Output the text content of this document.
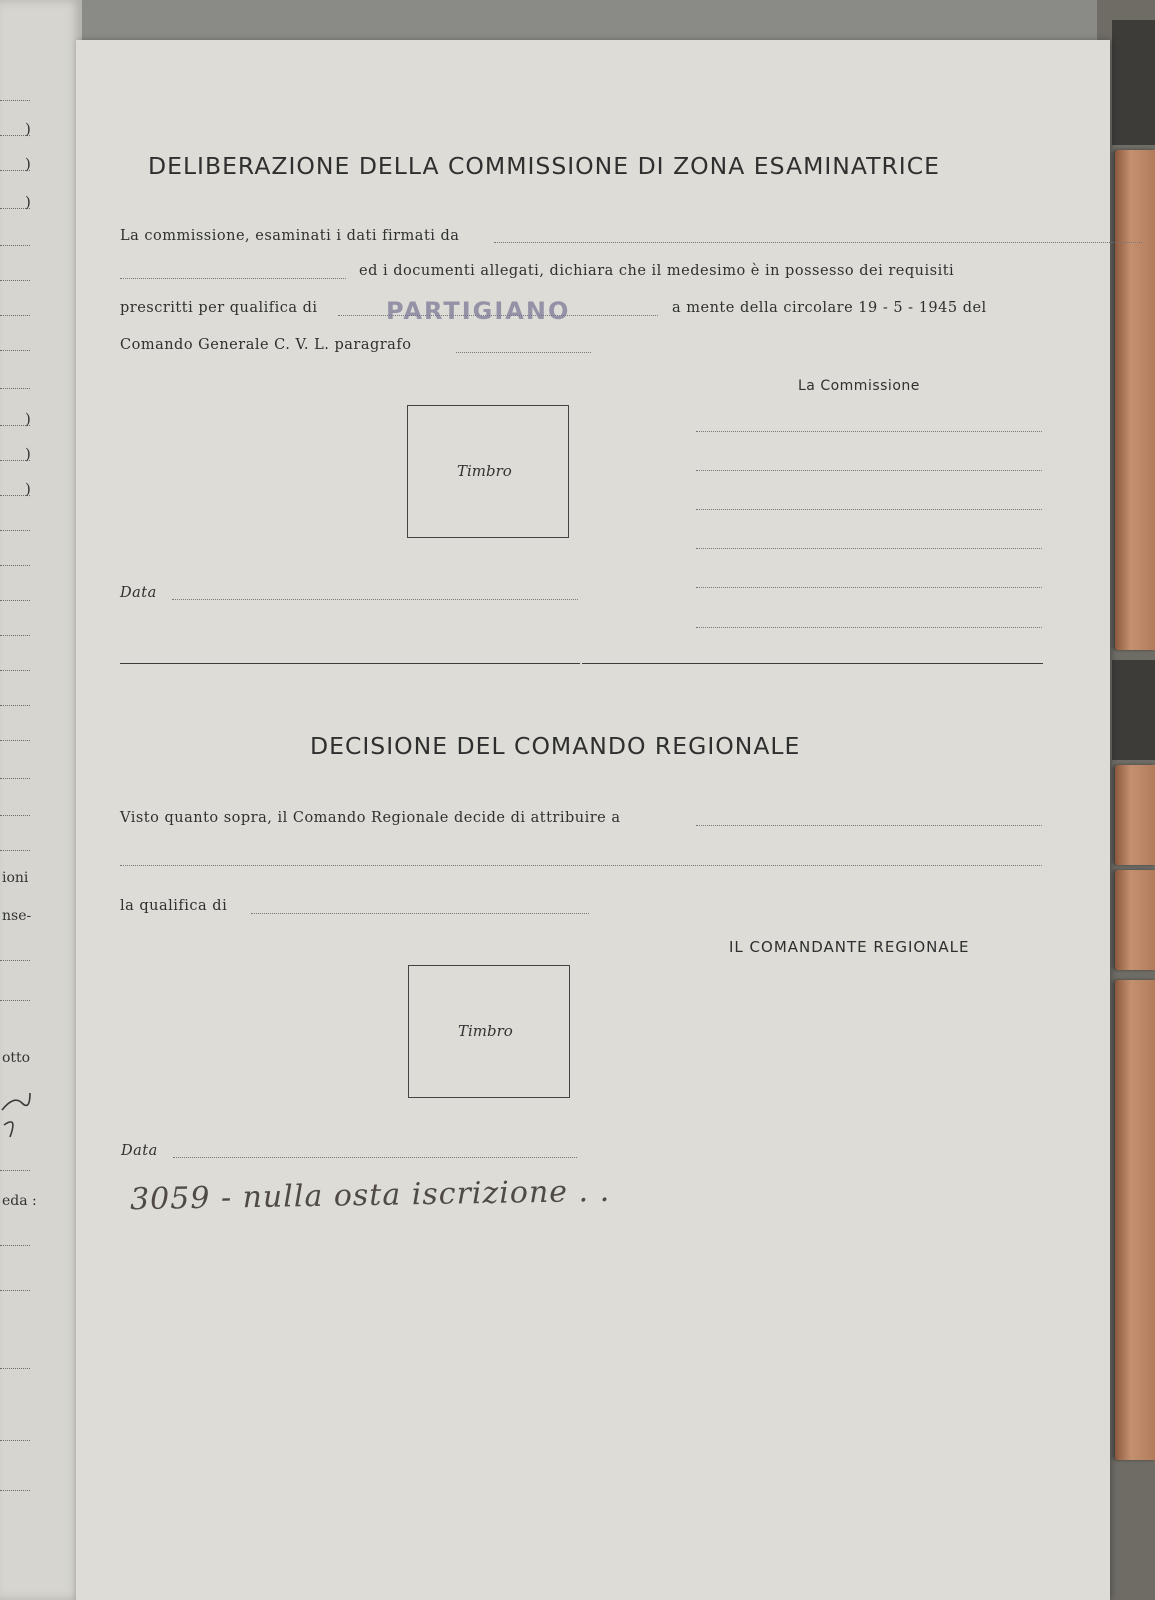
)
)
)
)
)
)
ioni
nse-
otto
eda :
DELIBERAZIONE DELLA COMMISSIONE DI ZONA ESAMINATRICE
La commissione, esaminati i dati firmati da
ed i documenti allegati, dichiara che il medesimo è in possesso dei requisiti
prescritti per qualifica di	PARTIGIANO	a mente della circolare 19 - 5 - 1945 del
Comando Generale C. V. L. paragrafo
La Commissione
Timbro
Data
DECISIONE DEL COMANDO REGIONALE
Visto quanto sopra, il Comando Regionale decide di attribuire a
la qualifica di
IL COMANDANTE REGIONALE
Timbro
Data
3059 - nulla osta iscrizione . .
